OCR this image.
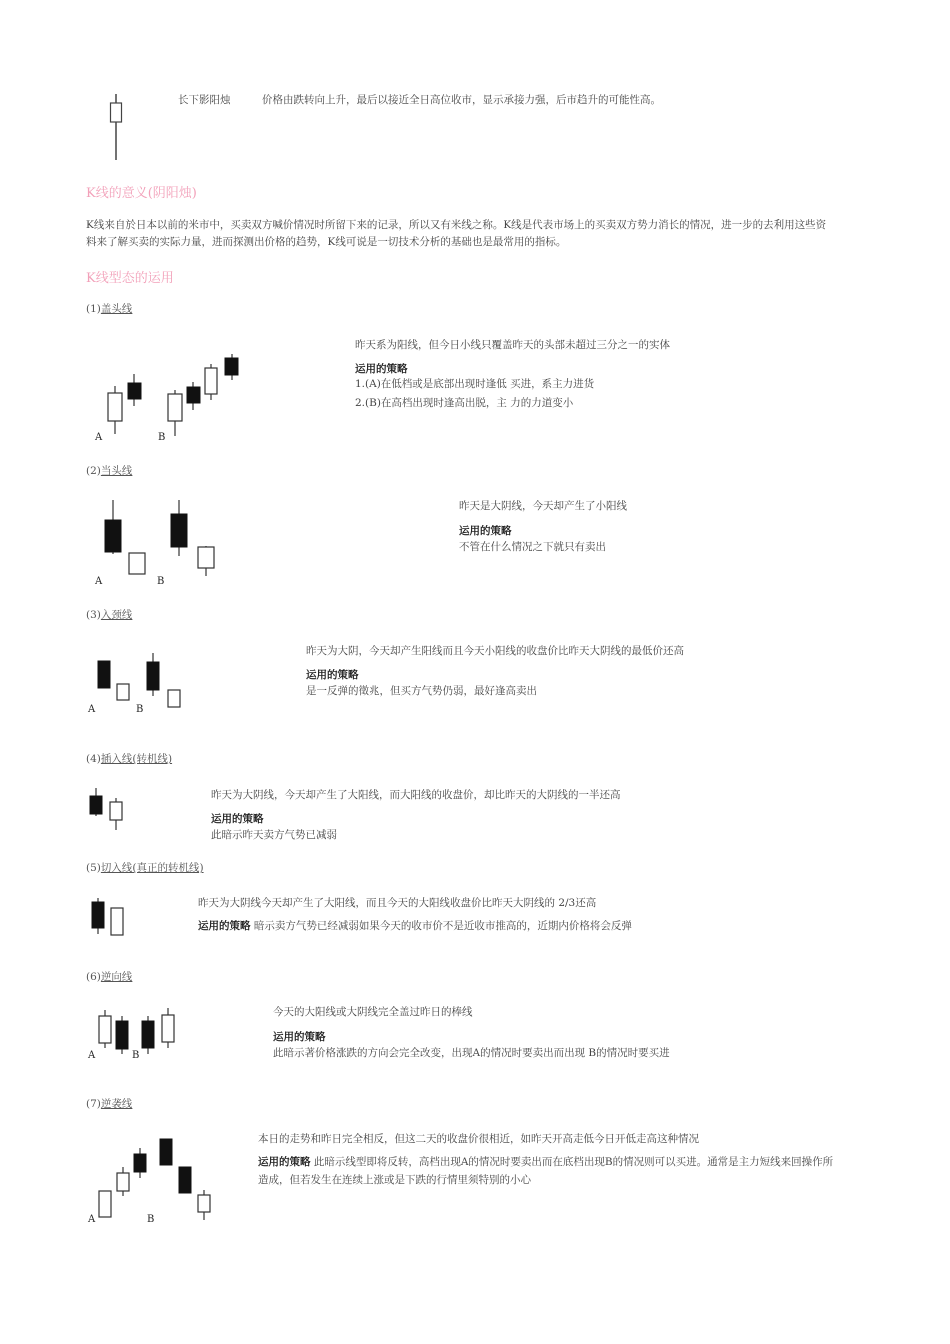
长下影阳烛	价格由跌转向上升，最后以接近全日高位收市，显示承接力强，后市趋升的可能性高。
K线的意义(阴阳烛)
K线来自於日本以前的米市中，买卖双方喊价情况时所留下来的记录，所以又有米线之称。K线是代表市场上的买卖双方势力消长的情况，进一步的去利用这些资
料来了解买卖的实际力量，进而探测出价格的趋势，K线可说是一切技术分析的基础也是最常用的指标。
K线型态的运用
(1)盖头线
A	B
昨天系为阳线，但今日小线只覆盖昨天的头部未超过三分之一的实体
运用的策略
1.(A)在低档或是底部出现时逢低 买进，系主力进货
2.(B)在高档出现时逢高出脱，主 力的力道变小
(2)当头线
A	B
昨天是大阴线，今天却产生了小阳线
运用的策略
不管在什么情况之下就只有卖出
(3)入颈线
A	B
昨天为大阴，今天却产生阳线而且今天小阳线的收盘价比昨天大阴线的最低价还高
运用的策略
是一反弹的徵兆，但买方气势仍弱，最好逢高卖出
(4)插入线(转机线)
昨天为大阴线，今天却产生了大阳线，而大阳线的收盘价，却比昨天的大阴线的一半还高
运用的策略
此暗示昨天卖方气势已减弱
(5)切入线(真正的转机线)
昨天为大阴线今天却产生了大阳线，而且今天的大阳线收盘价比昨天大阴线的 2/3还高
运用的策略 暗示卖方气势已经减弱如果今天的收市价不是近收市推高的，近期内价格将会反弹
(6)逆向线
A	B
今天的大阳线或大阴线完全盖过昨日的棒线
运用的策略
此暗示著价格涨跌的方向会完全改变，出现A的情况时要卖出而出现 B的情况时要买进
(7)逆袭线
A	B
本日的走势和昨日完全相反，但这二天的收盘价很相近，如昨天开高走低今日开低走高这种情况
运用的策略 此暗示线型即将反转，高档出现A的情况时要卖出而在底档出现B的情况则可以买进。通常是主力短线来回操作所
造成，但若发生在连续上涨或是下跌的行情里须特别的小心
